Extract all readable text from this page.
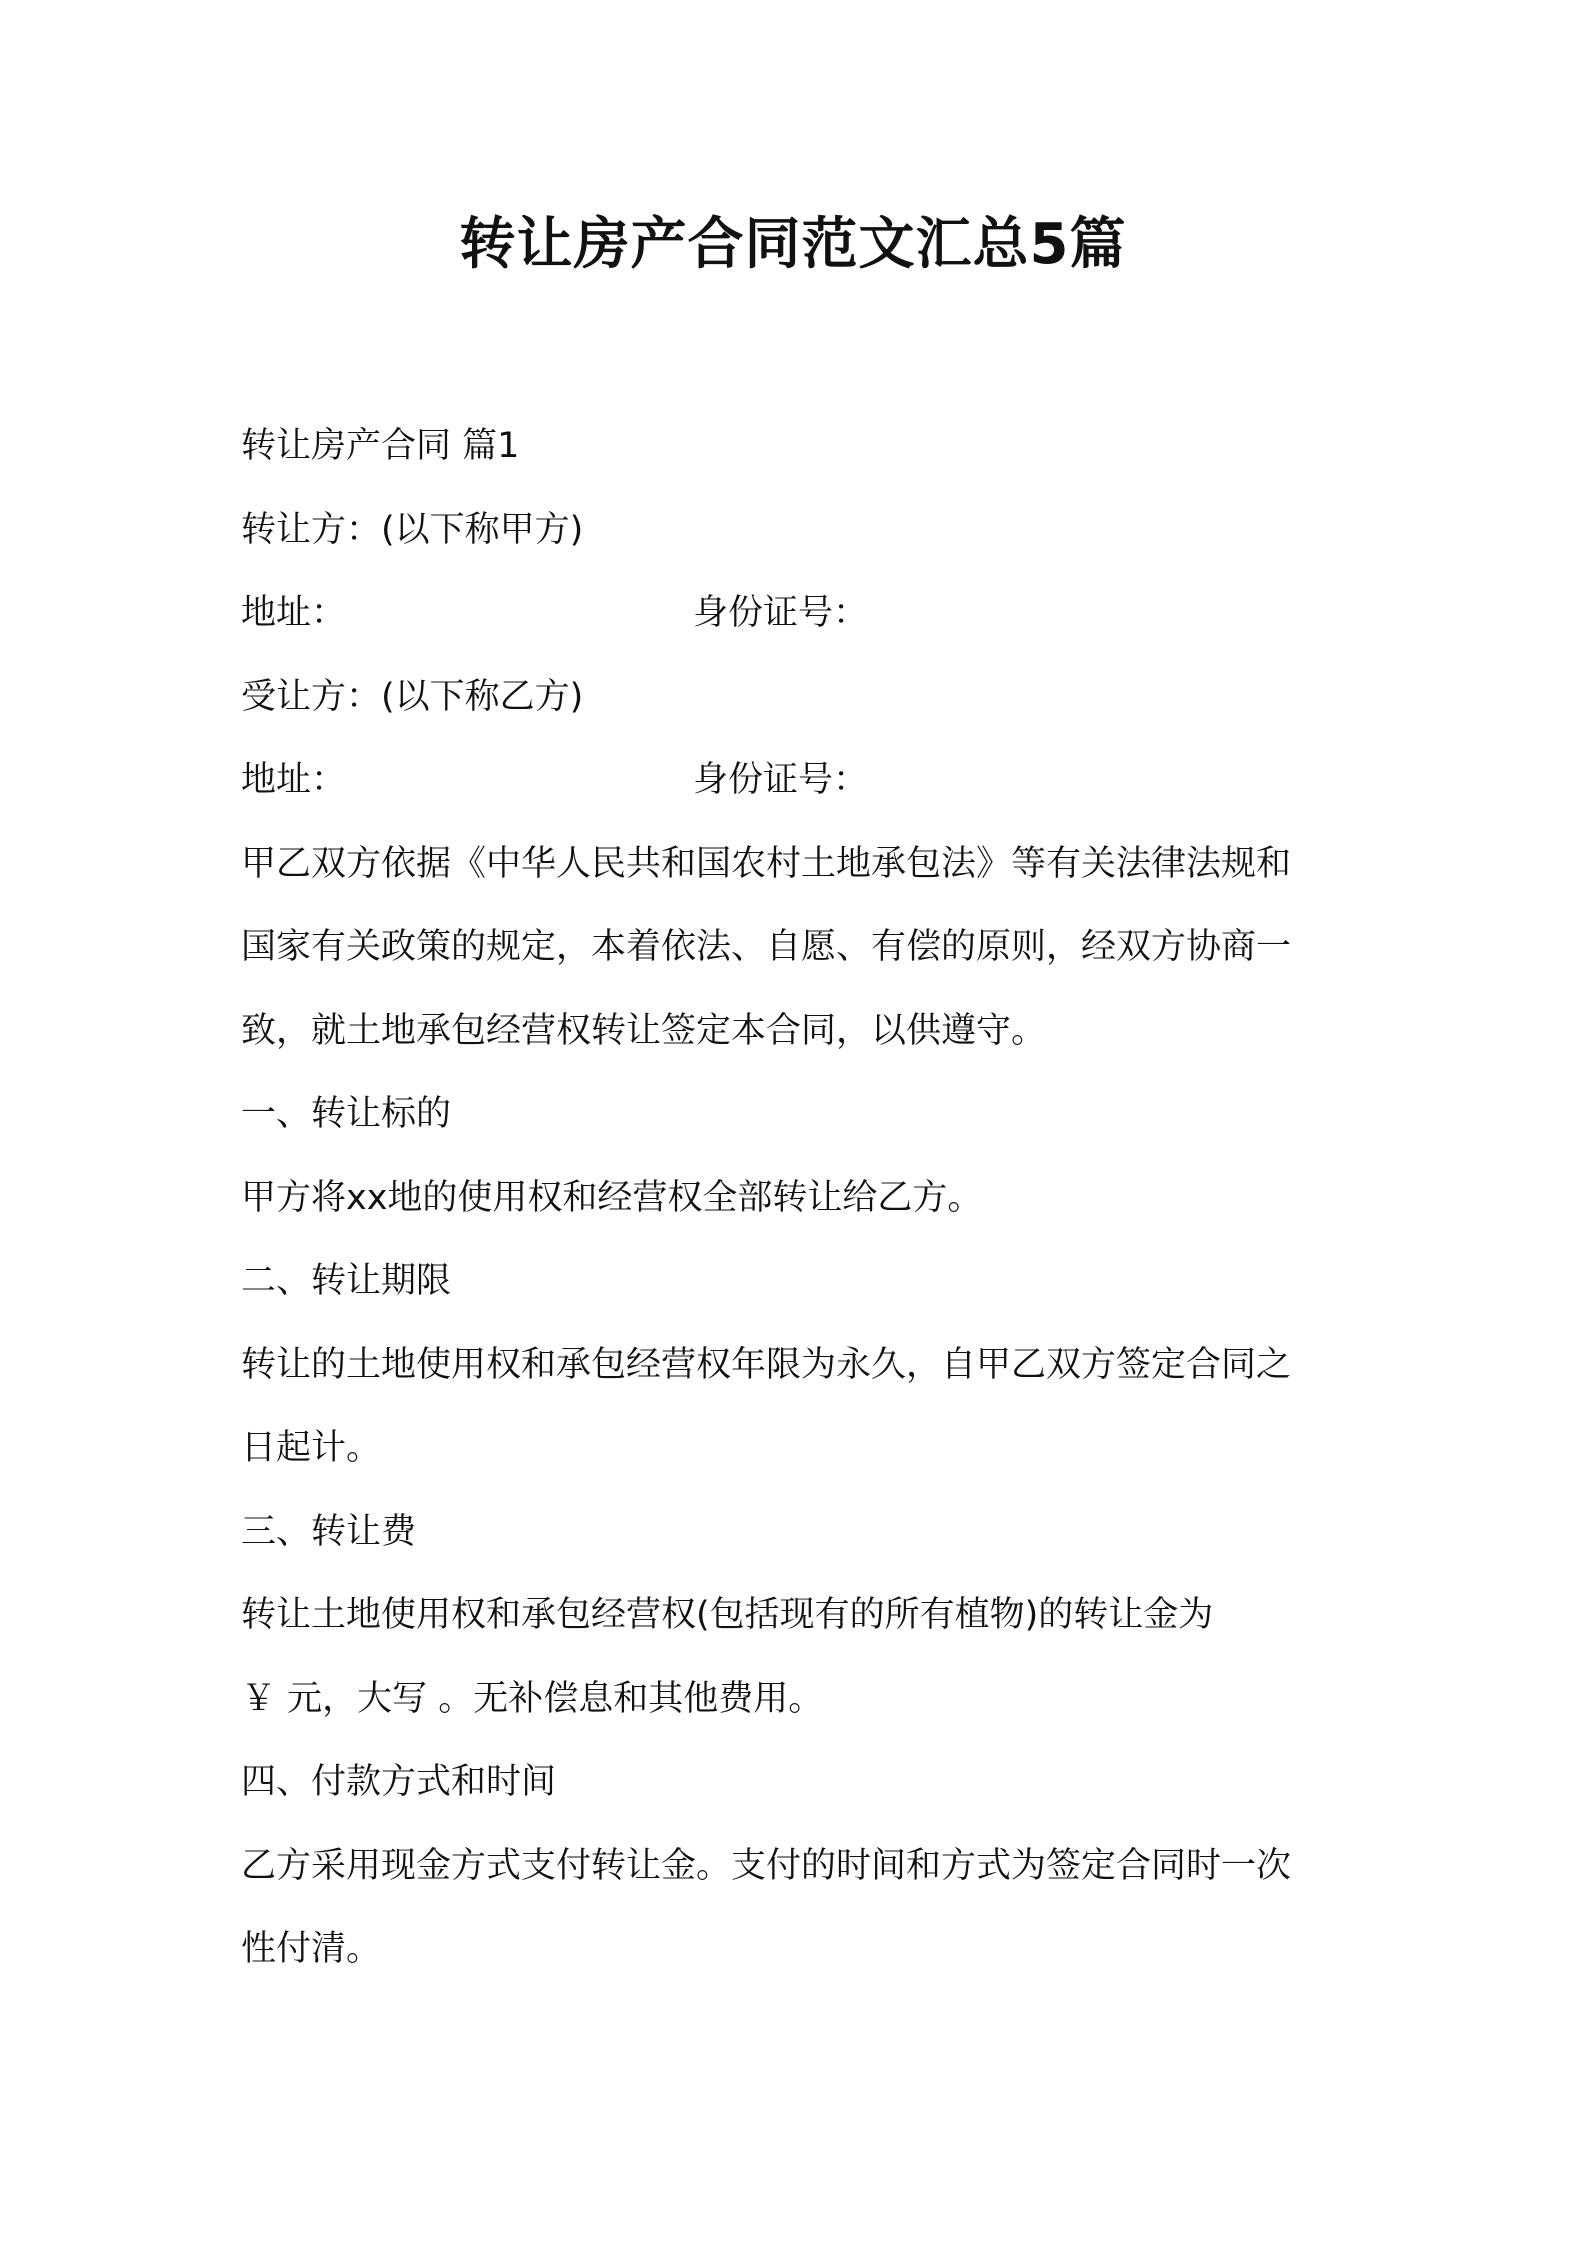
转让房产合同范文汇总5篇
转让房产合同 篇1
转让方：(以下称甲方)
地址：	身份证号：
受让方：(以下称乙方)
地址：	身份证号：
甲乙双方依据《中华人民共和国农村土地承包法》等有关法律法规和
国家有关政策的规定，本着依法、自愿、有偿的原则，经双方协商一
致，就土地承包经营权转让签定本合同，以供遵守。
一、转让标的
甲方将xx地的使用权和经营权全部转让给乙方。
二、转让期限
转让的土地使用权和承包经营权年限为永久，自甲乙双方签定合同之
日起计。
三、转让费
转让土地使用权和承包经营权(包括现有的所有植物)的转让金为
￥ 元，大写 。无补偿息和其他费用。
四、付款方式和时间
乙方采用现金方式支付转让金。支付的时间和方式为签定合同时一次
性付清。
